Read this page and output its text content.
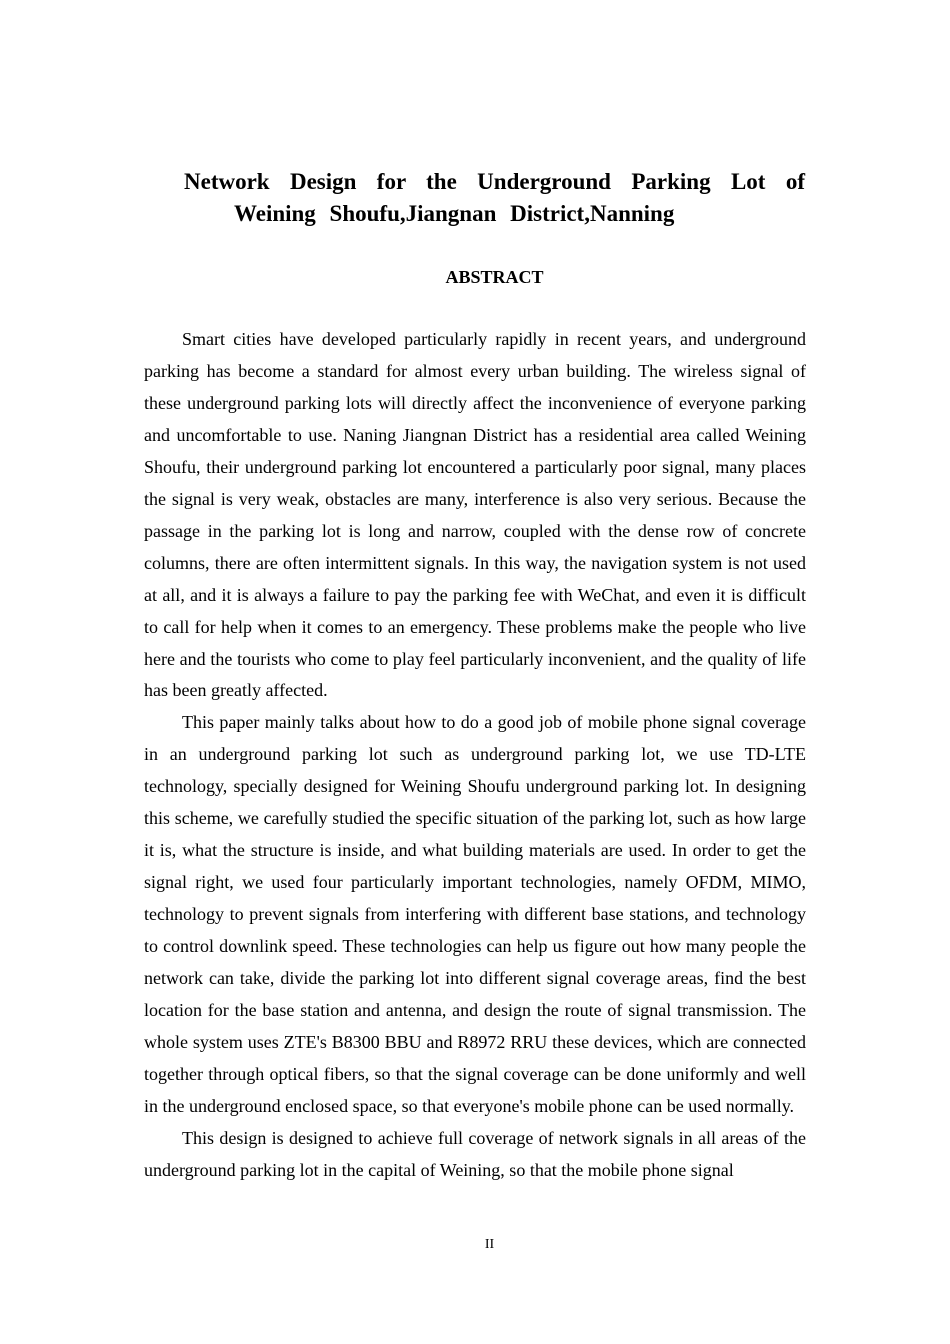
Network Design for the Underground Parking Lot of
Weining Shoufu,Jiangnan District,Nanning
ABSTRACT

Smart cities have developed particularly rapidly in recent years, and underground parking has become a standard for almost every urban building. The wireless signal of these underground parking lots will directly affect the inconvenience of everyone parking and uncomfortable to use. Naning Jiangnan District has a residential area called Weining Shoufu, their underground parking lot encountered a particularly poor signal, many places the signal is very weak, obstacles are many, interference is also very serious. Because the passage in the parking lot is long and narrow, coupled with the dense row of concrete columns, there are often intermittent signals. In this way, the navigation system is not used at all, and it is always a failure to pay the parking fee with WeChat, and even it is difficult to call for help when it comes to an emergency. These problems make the people who live here and the tourists who come to play feel particularly inconvenient, and the quality of life has been greatly affected.

This paper mainly talks about how to do a good job of mobile phone signal coverage in an underground parking lot such as underground parking lot, we use TD-LTE technology, specially designed for Weining Shoufu underground parking lot. In designing this scheme, we carefully studied the specific situation of the parking lot, such as how large it is, what the structure is inside, and what building materials are used. In order to get the signal right, we used four particularly important technologies, namely OFDM, MIMO, technology to prevent signals from interfering with different base stations, and technology to control downlink speed. These technologies can help us figure out how many people the network can take, divide the parking lot into different signal coverage areas, find the best location for the base station and antenna, and design the route of signal transmission. The whole system uses ZTE's B8300 BBU and R8972 RRU these devices, which are connected together through optical fibers, so that the signal coverage can be done uniformly and well in the underground enclosed space, so that everyone's mobile phone can be used normally.

This design is designed to achieve full coverage of network signals in all areas of the underground parking lot in the capital of Weining, so that the mobile phone signal

II
